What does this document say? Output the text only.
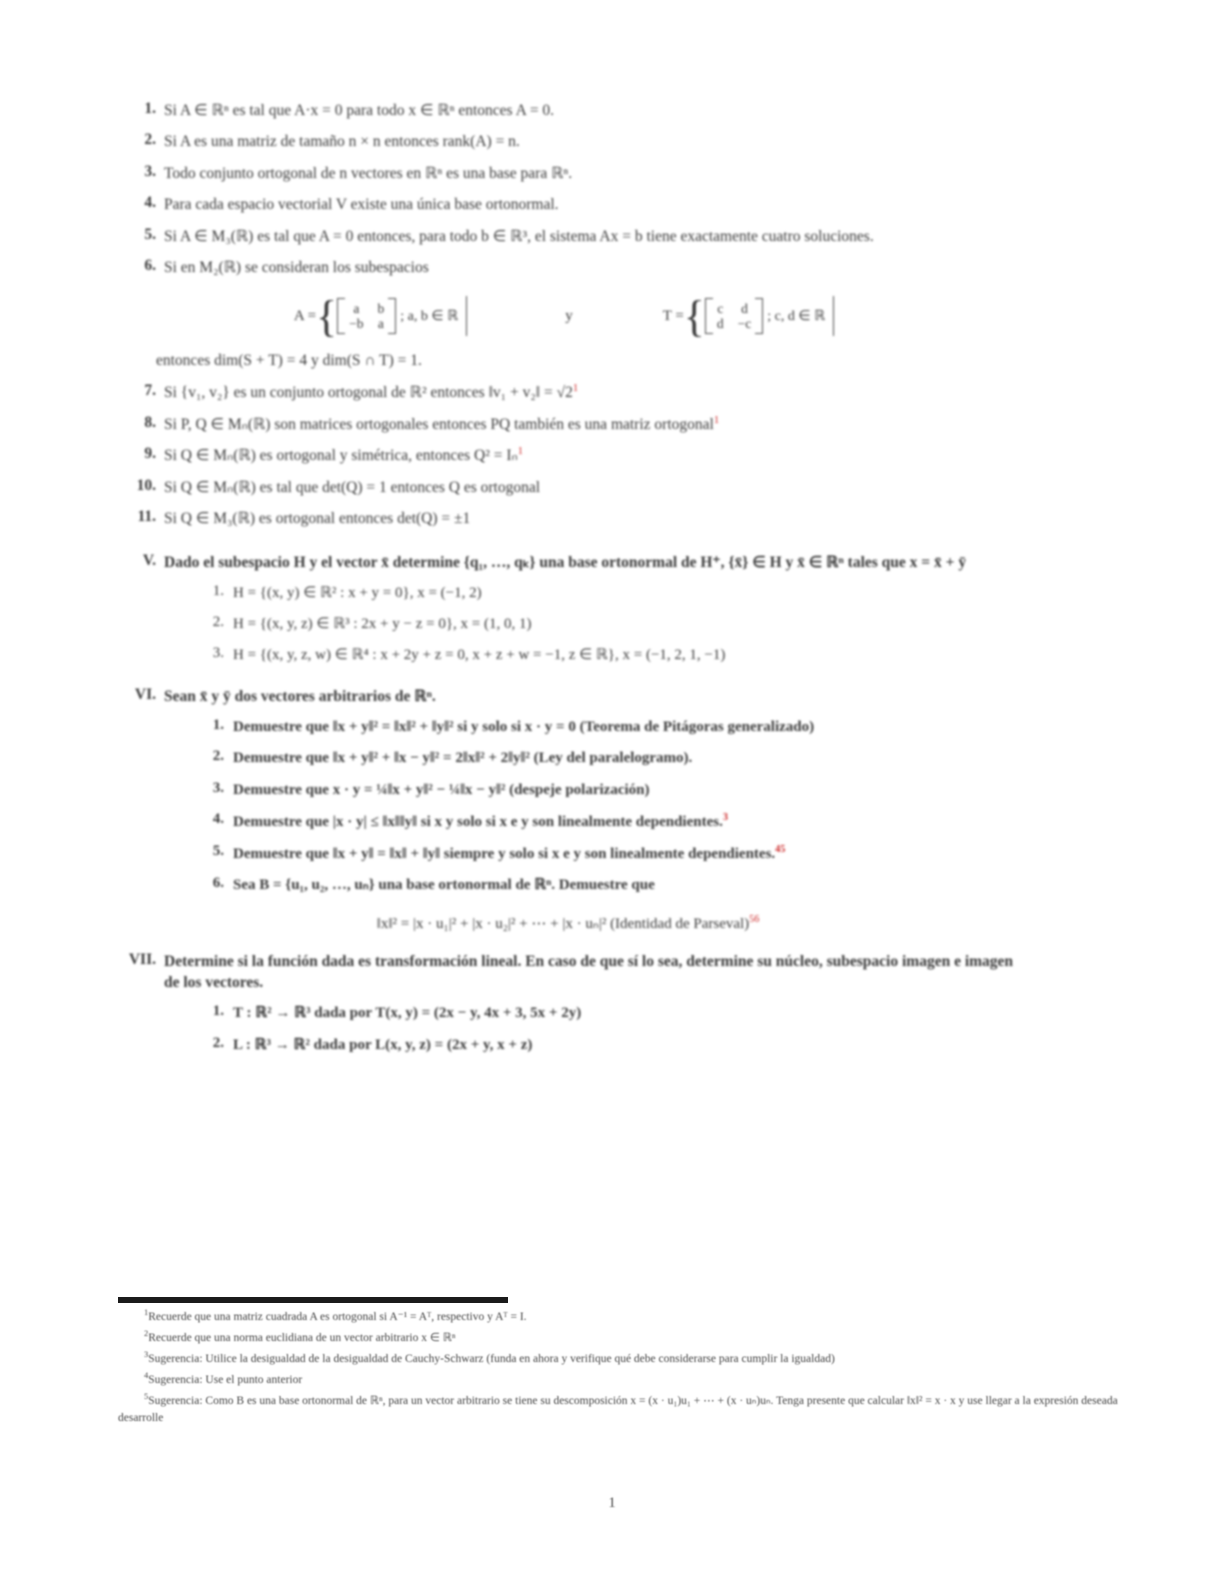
1. Si A ∈ ℝⁿ es tal que A·x = 0 para todo x ∈ ℝⁿ entonces A = 0.
2. Si A es una matriz de tamaño n × n entonces rank(A) = n.
3. Todo conjunto ortogonal de n vectores en ℝⁿ es una base para ℝⁿ.
4. Para cada espacio vectorial V existe una única base ortonormal.
5. Si A ∈ M₃(ℝ) es tal que A = 0 entonces, para todo b ∈ ℝ³, el sistema Ax = b tiene exactamente cuatro soluciones.
6. Si en M₂(ℝ) se consideran los subespacios
A = {	a	b
−b a ; a, b ∈ ℝ	y	T = { c d
d −c ; c, d ∈ ℝ
entonces dim(S + T) = 4 y dim(S ∩ T) = 1.
7. Si {v₁, v₂} es un conjunto ortogonal de ℝ² entonces ‖v₁ + v₂‖ = $√2^1$
8. Si P, Q ∈ Mₙ(ℝ) son matrices ortogonales entonces PQ también es una matriz ortogonal$^1$
9. Si Q ∈ Mₙ(ℝ) es ortogonal y simétrica, entonces Q² = Iₙ$^1$
10. Si Q ∈ Mₙ(ℝ) es tal que det(Q) = 1 entonces Q es ortogonal
11. Si Q ∈ M₃(ℝ) es ortogonal entonces det(Q) = ±1
V. Dado el subespacio H y el vector x̄ determine {q₁, …, qₖ} una base ortonormal de H⁺, {x̄} ∈ H y x̄ ∈ ℝⁿ tales que x = x̄ + ȳ
1. H = {(x, y) ∈ ℝ² : x + y = 0}, x = (−1, 2)
2. H = {(x, y, z) ∈ ℝ³ : 2x + y − z = 0}, x = (1, 0, 1)
3. H = {(x, y, z, w) ∈ ℝ⁴ : x + 2y + z = 0, x + z + w = −1, z ∈ ℝ}, x = (−1, 2, 1, −1)
VI. Sean x̄ y ȳ dos vectores arbitrarios de ℝⁿ.
1. Demuestre que ‖x + y‖² = ‖x‖² + ‖y‖² si y solo si x · y = 0 (Teorema de Pitágoras generalizado)
2. Demuestre que ‖x + y‖² + ‖x − y‖² = 2‖x‖² + 2‖y‖² (Ley del paralelogramo).
3. Demuestre que x · y = ¼‖x + y‖² − ¼‖x − y‖² (despeje polarización)
4. Demuestre que |x · y| ≤ ‖x‖‖y‖ si x y solo si x e y son linealmente dependientes.$^3$
5. Demuestre que ‖x + y‖ = ‖x‖ + ‖y‖ siempre y solo si x e y son linealmente dependientes.$^{45}$
6. Sea B = {u₁, u₂, …, uₙ} una base ortonormal de ℝⁿ. Demuestre que
‖x‖² = |x · u₁|² + |x · u₂|² + ⋯ + |x · uₙ|² (Identidad de Parseval)$^{56}$
VII. Determine si la función dada es transformación lineal. En caso de que sí lo sea, determine su núcleo, subespacio imagen e imagen de los vectores.
1. T : ℝ² → ℝ³ dada por T(x, y) = (2x − y, 4x + 3, 5x + 2y)
2. L : ℝ³ → ℝ² dada por L(x, y, z) = (2x + y, x + z)
$^1$Recuerde que una matriz cuadrada A es ortogonal si A⁻¹ = Aᵀ, respectivo y Aᵀ = I.
$^2$Recuerde que una norma euclidiana de un vector arbitrario x ∈ ℝⁿ
$^3$Sugerencia: Utilice la desigualdad de la desigualdad de Cauchy-Schwarz (funda en ahora y verifique qué debe considerarse para cumplir la igualdad)
$^4$Sugerencia: Use el punto anterior
$^5$Sugerencia: Como B es una base ortonormal de ℝⁿ, para un vector arbitrario se tiene su descomposición x = (x · u₁)u₁ + ⋯ + (x · uₙ)uₙ. Tenga presente que calcular ‖x‖² = x · x y use llegar a la expresión deseada desarrolle
1
